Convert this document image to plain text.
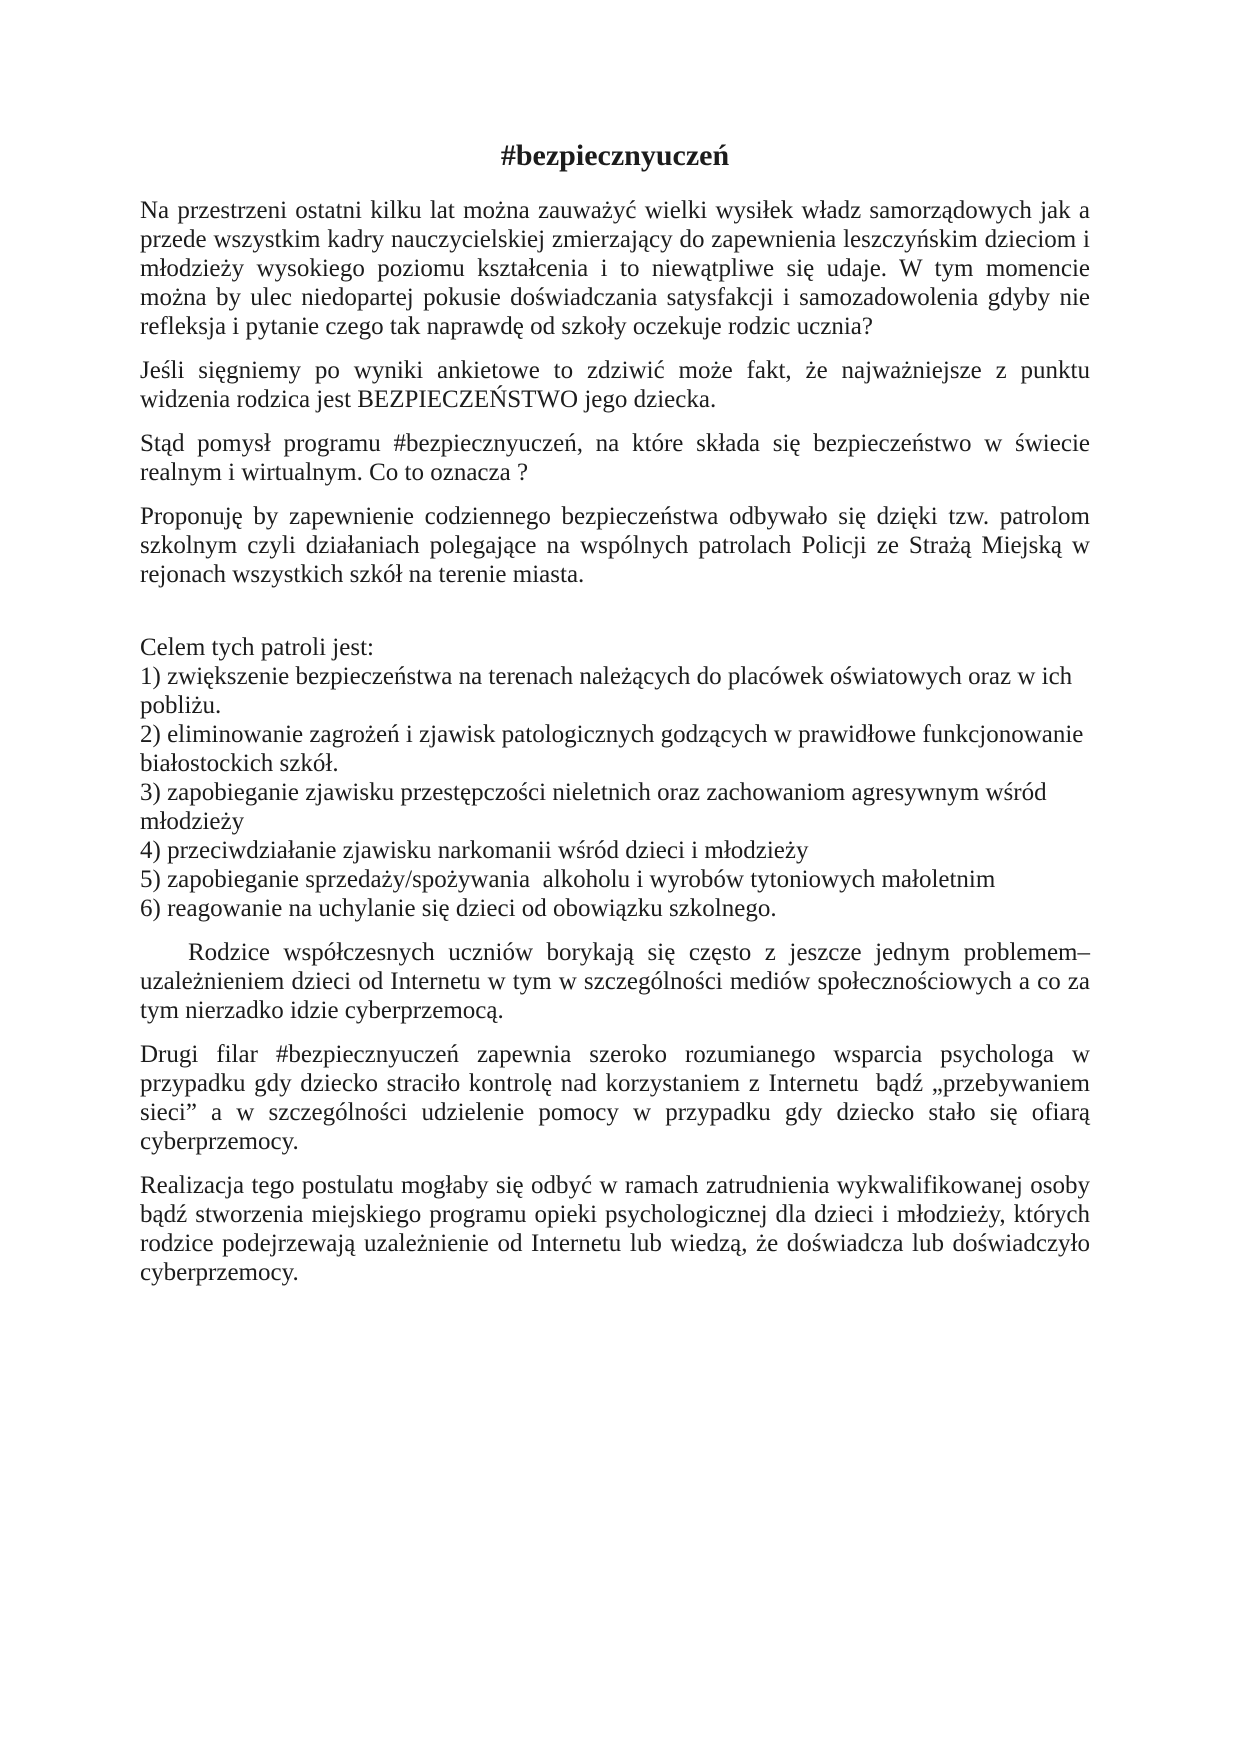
#bezpiecznyuczeń

Na przestrzeni ostatni kilku lat można zauważyć wielki wysiłek władz samorządowych jak a przede wszystkim kadry nauczycielskiej zmierzający do zapewnienia leszczyńskim dzieciom i młodzieży wysokiego poziomu kształcenia i to niewątpliwe się udaje. W tym momencie można by ulec niedopartej pokusie doświadczania satysfakcji i samozadowolenia gdyby nie refleksja i pytanie czego tak naprawdę od szkoły oczekuje rodzic ucznia?

Jeśli sięgniemy po wyniki ankietowe to zdziwić może fakt, że najważniejsze z punktu widzenia rodzica jest BEZPIECZEŃSTWO jego dziecka.

Stąd pomysł programu #bezpiecznyuczeń, na które składa się bezpieczeństwo w świecie realnym i wirtualnym. Co to oznacza ?

Proponuję by zapewnienie codziennego bezpieczeństwa odbywało się dzięki tzw. patrolom szkolnym czyli działaniach polegające na wspólnych patrolach Policji ze Strażą Miejską w rejonach wszystkich szkół na terenie miasta.

Celem tych patroli jest:
1) zwiększenie bezpieczeństwa na terenach należących do placówek oświatowych oraz w ich pobliżu.
2) eliminowanie zagrożeń i zjawisk patologicznych godzących w prawidłowe funkcjonowanie białostockich szkół.
3) zapobieganie zjawisku przestępczości nieletnich oraz zachowaniom agresywnym wśród młodzieży
4) przeciwdziałanie zjawisku narkomanii wśród dzieci i młodzieży
5) zapobieganie sprzedaży/spożywania  alkoholu i wyrobów tytoniowych małoletnim
6) reagowanie na uchylanie się dzieci od obowiązku szkolnego.

Rodzice współczesnych uczniów borykają się często z jeszcze jednym problemem– uzależnieniem dzieci od Internetu w tym w szczególności mediów społecznościowych a co za tym nierzadko idzie cyberprzemocą.

Drugi filar #bezpiecznyuczeń zapewnia szeroko rozumianego wsparcia psychologa w przypadku gdy dziecko straciło kontrolę nad korzystaniem z Internetu  bądź „przebywaniem sieci” a w szczególności udzielenie pomocy w przypadku gdy dziecko stało się ofiarą cyberprzemocy.

Realizacja tego postulatu mogłaby się odbyć w ramach zatrudnienia wykwalifikowanej osoby bądź stworzenia miejskiego programu opieki psychologicznej dla dzieci i młodzieży, których rodzice podejrzewają uzależnienie od Internetu lub wiedzą, że doświadcza lub doświadczyło cyberprzemocy.
